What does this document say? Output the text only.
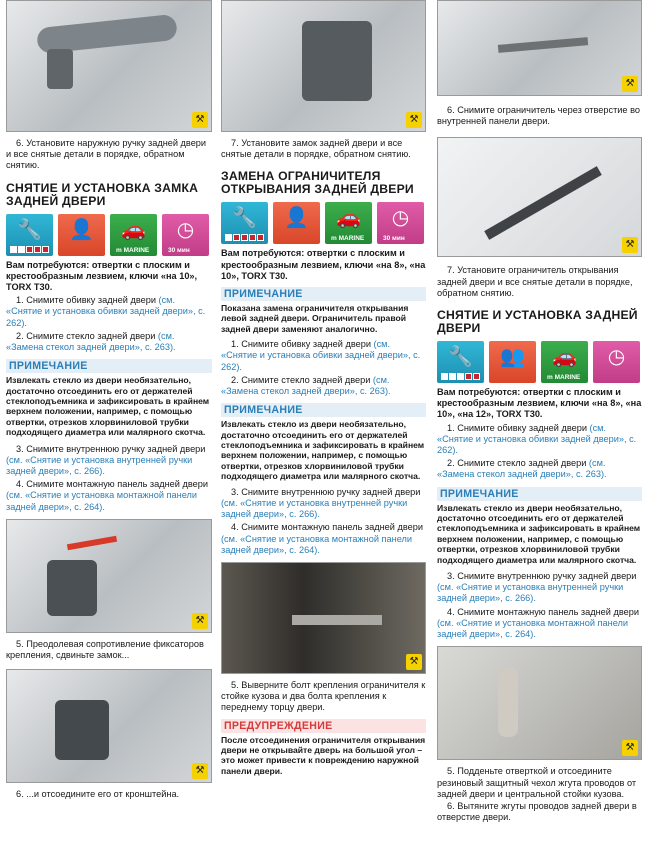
⚒

6. Установите наружную ручку задней двери и все снятые детали в порядке, обратном снятию.

СНЯТИЕ И УСТАНОВКА ЗАМКА ЗАДНЕЙ ДВЕРИ

🔧	👤	🚗
m MARINE
◷
30 мин

Вам потребуются: отвертки с плоским и крестообразным лезвием, ключи «на 10», TORX T30.

1. Снимите обивку задней двери (см. «Снятие и установка обивки задней двери», с. 262).

2. Снимите стекло задней двери (см. «Замена стекол задней двери», с. 263).

ПРИМЕЧАНИЕ

Извлекать стекло из двери необязательно, достаточно отсоединить его от держателей стеклоподъемника и зафиксировать в крайнем верхнем положении, например, с помощью отвертки, отрезков хлорвиниловой трубки подходящего диаметра или малярного скотча.

3. Снимите внутреннюю ручку задней двери (см. «Снятие и установка внутренней ручки задней двери», с. 266).

4. Снимите монтажную панель задней двери (см. «Снятие и установка монтажной панели задней двери», с. 264).

⚒

5. Преодолевая сопротивление фиксаторов крепления, сдвиньте замок...

⚒

6. ...и отсоедините его от кронштейна.

⚒

7. Установите замок задней двери и все снятые детали в порядке, обратном снятию.

ЗАМЕНА ОГРАНИЧИТЕЛЯ ОТКРЫВАНИЯ ЗАДНЕЙ ДВЕРИ

🔧	👤	🚗
m MARINE
◷
30 мин

Вам потребуются: отвертки с плоским и крестообразным лезвием, ключи «на 8», «на 10», TORX T30.

ПРИМЕЧАНИЕ

Показана замена ограничителя открывания левой задней двери. Ограничитель правой задней двери заменяют аналогично.

1. Снимите обивку задней двери (см. «Снятие и установка обивки задней двери», с. 262).

2. Снимите стекло задней двери (см. «Замена стекол задней двери», с. 263).

ПРИМЕЧАНИЕ

Извлекать стекло из двери необязательно, достаточно отсоединить его от держателей стеклоподъемника и зафиксировать в крайнем верхнем положении, например, с помощью отвертки, отрезков хлорвиниловой трубки подходящего диаметра или малярного скотча.

3. Снимите внутреннюю ручку задней двери (см. «Снятие и установка внутренней ручки задней двери», с. 266).

4. Снимите монтажную панель задней двери (см. «Снятие и установка монтажной панели задней двери», с. 264).

⚒

5. Выверните болт крепления ограничителя к стойке кузова и два болта крепления к переднему торцу двери.

ПРЕДУПРЕЖДЕНИЕ

После отсоединения ограничителя открывания двери не открывайте дверь на большой угол – это может привести к повреждению наружной панели двери.

⚒

6. Снимите ограничитель через отверстие во внутренней панели двери.

⚒

7. Установите ограничитель открывания задней двери и все снятые детали в порядке, обратном снятию.

СНЯТИЕ И УСТАНОВКА ЗАДНЕЙ ДВЕРИ

🔧	👥	🚗
m MARINE
◷

Вам потребуются: отвертки с плоским и крестообразным лезвием, ключи «на 8», «на 10», «на 12», TORX T30.

1. Снимите обивку задней двери (см. «Снятие и установка обивки задней двери», с. 262).

2. Снимите стекло задней двери (см. «Замена стекол задней двери», с. 263).

ПРИМЕЧАНИЕ

Извлекать стекло из двери необязательно, достаточно отсоединить его от держателей стеклоподъемника и зафиксировать в крайнем верхнем положении, например, с помощью отвертки, отрезков хлорвиниловой трубки подходящего диаметра или малярного скотча.

3. Снимите внутреннюю ручку задней двери (см. «Снятие и установка внутренней ручки задней двери», с. 266).

4. Снимите монтажную панель задней двери (см. «Снятие и установка монтажной панели задней двери», с. 264).

⚒

5. Подденьте отверткой и отсоедините резиновый защитный чехол жгута проводов от задней двери и центральной стойки кузова.

6. Вытяните жгуты проводов задней двери в отверстие двери.
